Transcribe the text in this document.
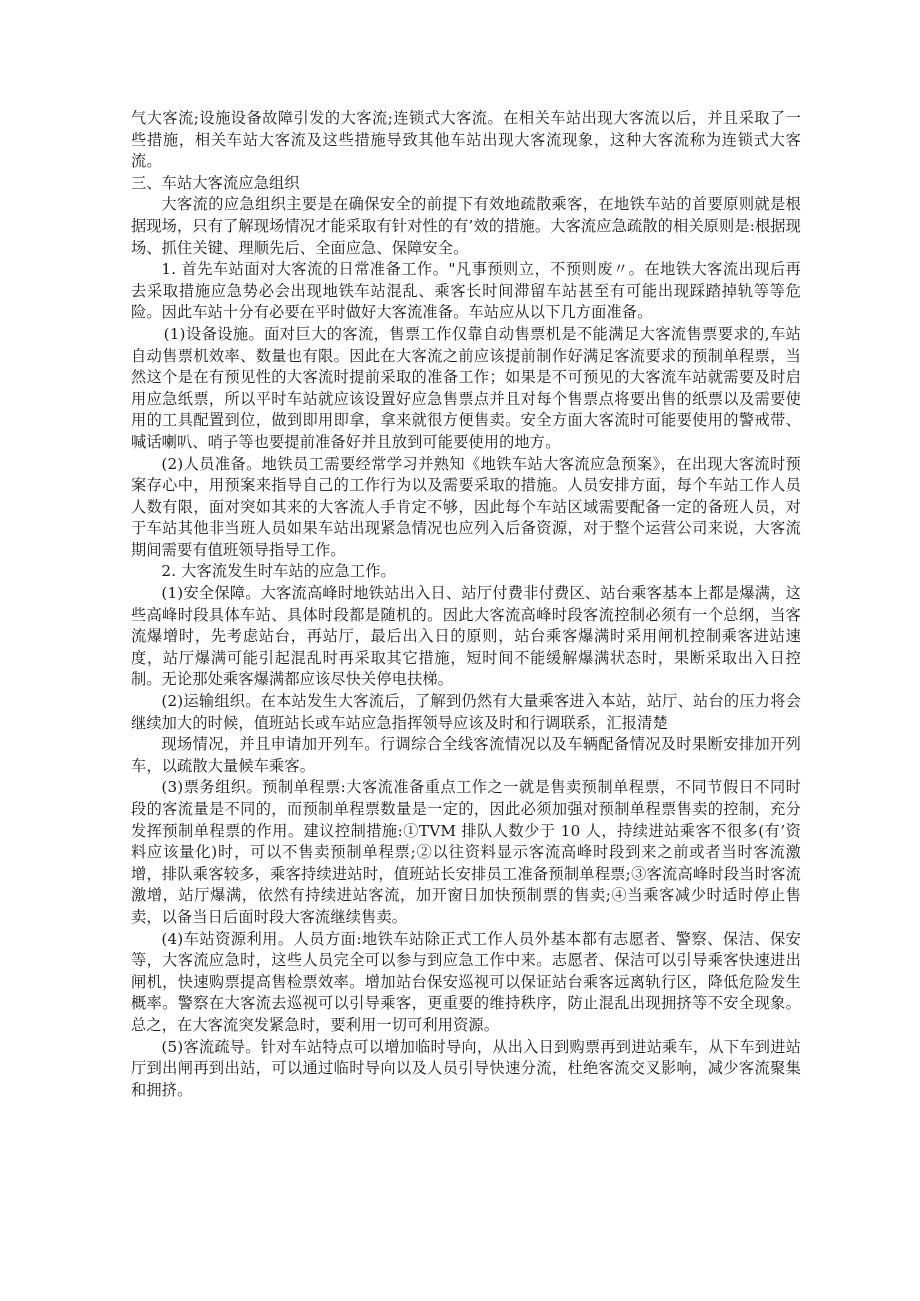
气大客流;设施设备故障引发的大客流;连锁式大客流。在相关车站出现大客流以后，并且采取了一些措施，相关车站大客流及这些措施导致其他车站出现大客流现象，这种大客流称为连锁式大客流。

三、车站大客流应急组织

大客流的应急组织主要是在确保安全的前提下有效地疏散乘客，在地铁车站的首要原则就是根据现场，只有了解现场情况才能采取有针对性的有’效的措施。大客流应急疏散的相关原则是:根据现场、抓住关键、理顺先后、全面应急、保障安全。

1. 首先车站面对大客流的日常准备工作。"凡事预则立，不预则废〃。在地铁大客流出现后再去采取措施应急势必会出现地铁车站混乱、乘客长时间滞留车站甚至有可能出现踩踏掉轨等等危险。因此车站十分有必要在平时做好大客流准备。车站应从以下几方面准备。

(1)设备设施。面对巨大的客流，售票工作仅靠自动售票机是不能满足大客流售票要求的,车站自动售票机效率、数量也有限。因此在大客流之前应该提前制作好满足客流要求的预制单程票，当然这个是在有预见性的大客流时提前采取的准备工作；如果是不可预见的大客流车站就需要及时启用应急纸票，所以平时车站就应该设置好应急售票点并且对每个售票点将要出售的纸票以及需要使用的工具配置到位，做到即用即拿，拿来就很方便售卖。安全方面大客流时可能要使用的警戒带、喊话喇叭、哨子等也要提前准备好并且放到可能要使用的地方。

(2)人员准备。地铁员工需要经常学习并熟知《地铁车站大客流应急预案》，在出现大客流时预案存心中，用预案来指导自己的工作行为以及需要采取的措施。人员安排方面，每个车站工作人员人数有限，面对突如其来的大客流人手肯定不够，因此每个车站区域需要配备一定的备班人员，对于车站其他非当班人员如果车站出现紧急情况也应列入后备资源，对于整个运营公司来说，大客流期间需要有值班领导指导工作。

2. 大客流发生时车站的应急工作。

(1)安全保障。大客流高峰时地铁站出入日、站厅付费非付费区、站台乘客基本上都是爆满，这些高峰时段具体车站、具体时段都是随机的。因此大客流高峰时段客流控制必须有一个总纲，当客流爆增时，先考虑站台，再站厅，最后出入日的原则，站台乘客爆满时采用闸机控制乘客进站速度，站厅爆满可能引起混乱时再采取其它措施，短时间不能缓解爆满状态时，果断采取出入日控制。无论那处乘客爆满都应该尽快关停电扶梯。

(2)运输组织。在本站发生大客流后，了解到仍然有大量乘客进入本站，站厅、站台的压力将会继续加大的时候，值班站长或车站应急指挥领导应该及时和行调联系，汇报清楚

现场情况，并且申请加开列车。行调综合全线客流情况以及车辆配备情况及时果断安排加开列车，以疏散大量候车乘客。

(3)票务组织。预制单程票:大客流准备重点工作之一就是售卖预制单程票，不同节假日不同时段的客流量是不同的，而预制单程票数量是一定的，因此必须加强对预制单程票售卖的控制，充分发挥预制单程票的作用。建议控制措施:①TVM 排队人数少于 10 人，持续进站乘客不很多(有’资料应该量化)时，可以不售卖预制单程票;②以往资料显示客流高峰时段到来之前或者当时客流激增，排队乘客较多，乘客持续进站时，值班站长安排员工准备预制单程票;③客流高峰时段当时客流激增，站厅爆满，依然有持续进站客流，加开窗日加快预制票的售卖;④当乘客减少时适时停止售卖，以备当日后面时段大客流继续售卖。

(4)车站资源利用。人员方面:地铁车站除正式工作人员外基本都有志愿者、警察、保洁、保安等，大客流应急时，这些人员完全可以参与到应急工作中来。志愿者、保洁可以引导乘客快速进出闸机，快速购票提高售检票效率。增加站台保安巡视可以保证站台乘客远离轨行区，降低危险发生概率。警察在大客流去巡视可以引导乘客，更重要的维持秩序，防止混乱出现拥挤等不安全现象。总之，在大客流突发紧急时，要利用一切可利用资源。

(5)客流疏导。针对车站特点可以增加临时导向，从出入日到购票再到进站乘车，从下车到进站厅到出闸再到出站，可以通过临时导向以及人员引导快速分流，杜绝客流交叉影响，减少客流聚集和拥挤。
